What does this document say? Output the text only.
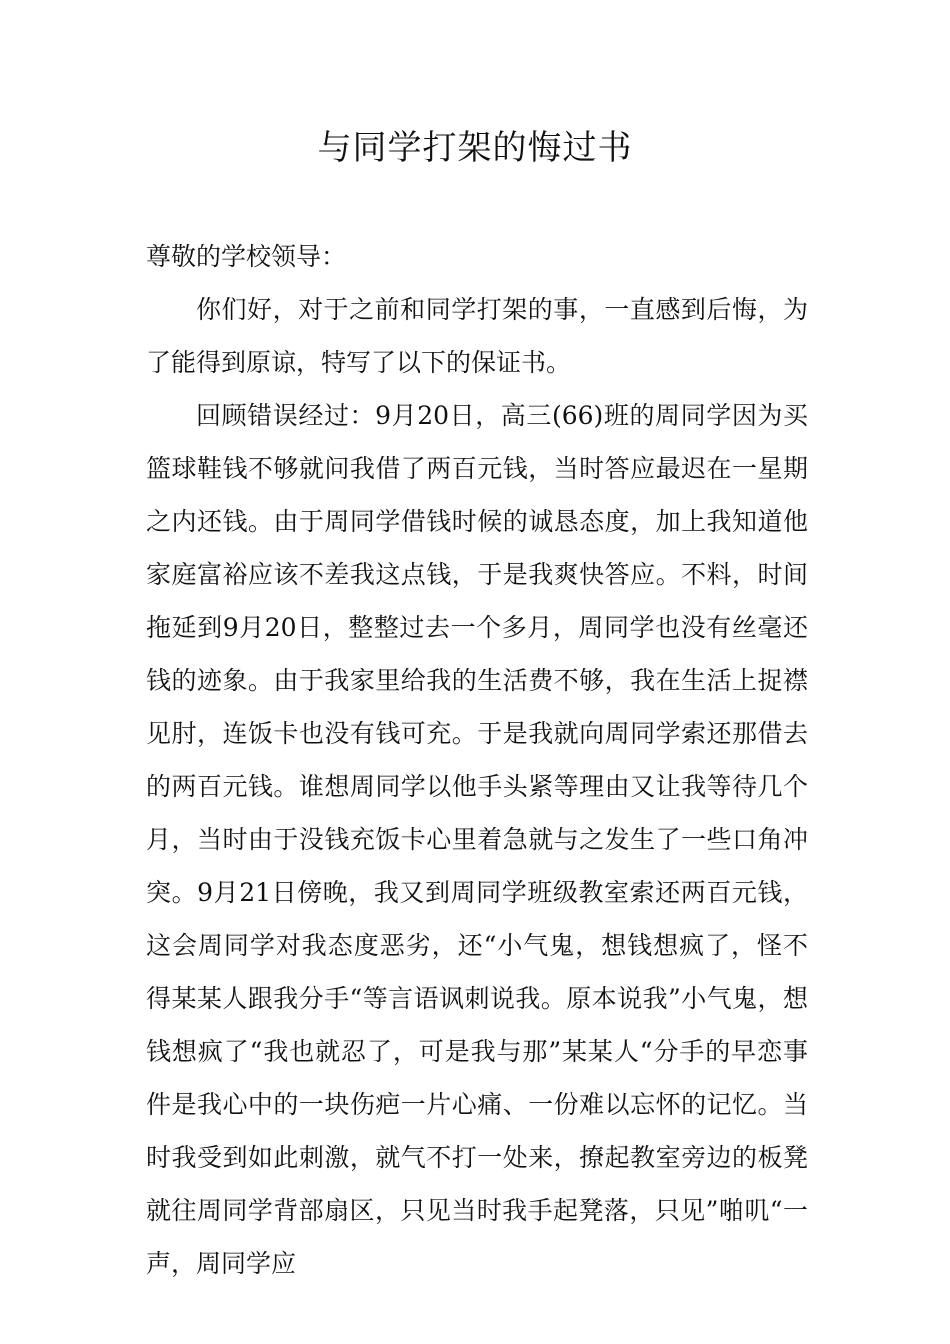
与同学打架的悔过书

尊敬的学校领导：

你们好，对于之前和同学打架的事，一直感到后悔，为了能得到原谅，特写了以下的保证书。

回顾错误经过：9月20日，高三(66)班的周同学因为买篮球鞋钱不够就问我借了两百元钱，当时答应最迟在一星期之内还钱。由于周同学借钱时候的诚恳态度，加上我知道他家庭富裕应该不差我这点钱，于是我爽快答应。不料，时间拖延到9月20日，整整过去一个多月，周同学也没有丝毫还钱的迹象。由于我家里给我的生活费不够，我在生活上捉襟见肘，连饭卡也没有钱可充。于是我就向周同学索还那借去的两百元钱。谁想周同学以他手头紧等理由又让我等待几个月，当时由于没钱充饭卡心里着急就与之发生了一些口角冲突。9月21日傍晚，我又到周同学班级教室索还两百元钱，这会周同学对我态度恶劣，还“小气鬼，想钱想疯了，怪不得某某人跟我分手“等言语讽刺说我。原本说我”小气鬼，想钱想疯了“我也就忍了，可是我与那”某某人“分手的早恋事件是我心中的一块伤疤一片心痛、一份难以忘怀的记忆。当时我受到如此刺激，就气不打一处来，撩起教室旁边的板凳就往周同学背部扇区，只见当时我手起凳落，只见”啪叽“一声，周同学应
